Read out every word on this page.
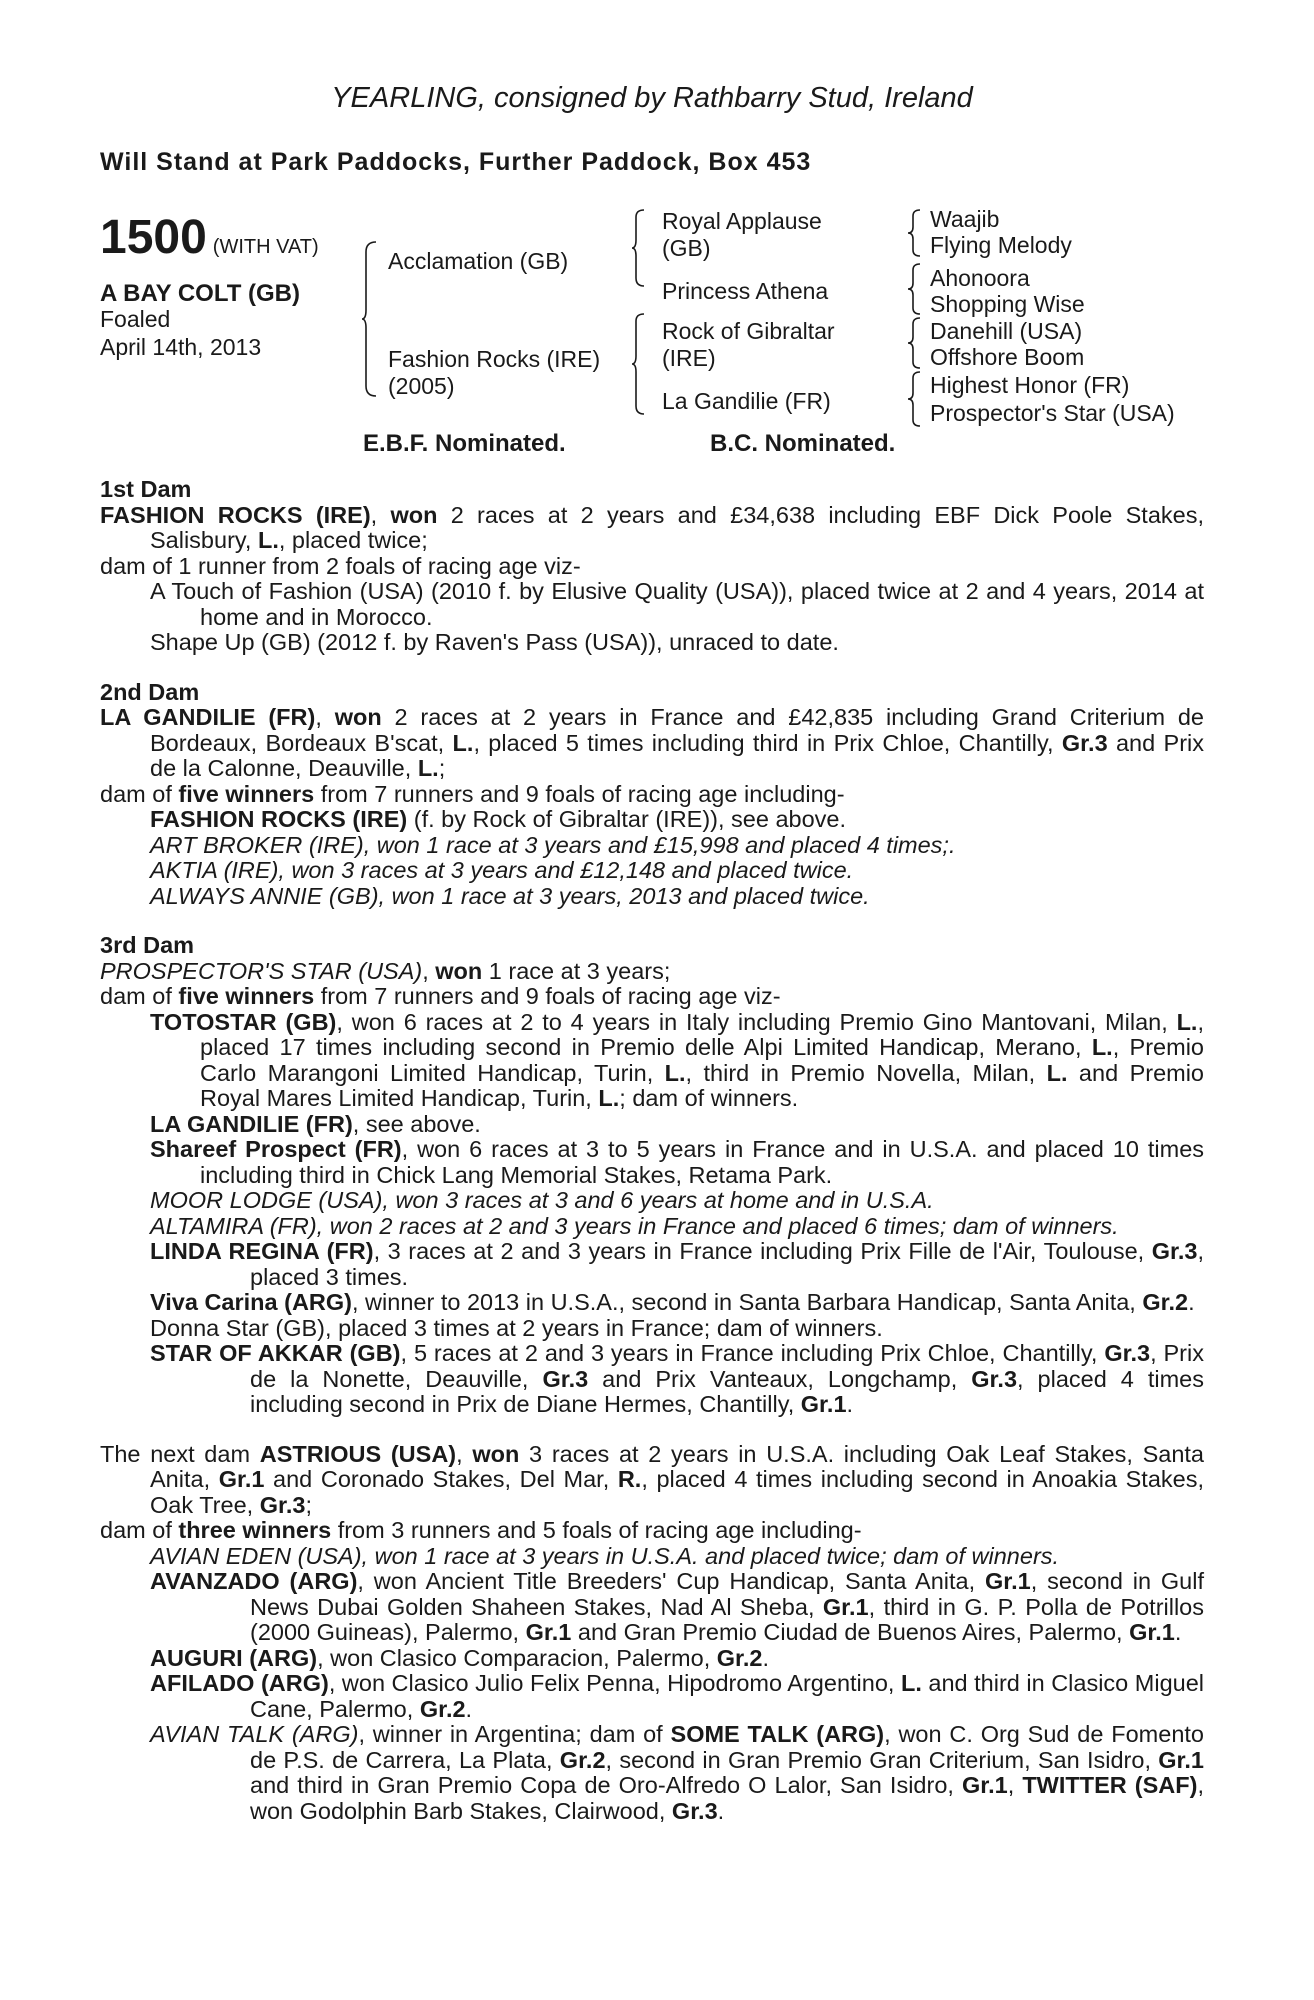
YEARLING, consigned by Rathbarry Stud, Ireland
Will Stand at Park Paddocks, Further Paddock, Box 453
1500 (WITH VAT)
A BAY COLT (GB)
Foaled
April 14th, 2013
Acclamation (GB)
Fashion Rocks (IRE)
(2005)
Royal Applause
(GB)
Princess Athena
Rock of Gibraltar
(IRE)
La Gandilie (FR)
Waajib
Flying Melody
Ahonoora
Shopping Wise
Danehill (USA)
Offshore Boom
Highest Honor (FR)
Prospector's Star (USA)
E.B.F. Nominated.	B.C. Nominated.

1st Dam

FASHION ROCKS (IRE), won 2 races at 2 years and £34,638 including EBF Dick Poole Stakes, Salisbury, L., placed twice;

dam of 1 runner from 2 foals of racing age viz-

A Touch of Fashion (USA) (2010 f. by Elusive Quality (USA)), placed twice at 2 and 4 years, 2014 at home and in Morocco.

Shape Up (GB) (2012 f. by Raven's Pass (USA)), unraced to date.

2nd Dam

LA GANDILIE (FR), won 2 races at 2 years in France and £42,835 including Grand Criterium de Bordeaux, Bordeaux B'scat, L., placed 5 times including third in Prix Chloe, Chantilly, Gr.3 and Prix de la Calonne, Deauville, L.;

dam of five winners from 7 runners and 9 foals of racing age including-

FASHION ROCKS (IRE) (f. by Rock of Gibraltar (IRE)), see above.

ART BROKER (IRE), won 1 race at 3 years and £15,998 and placed 4 times;.

AKTIA (IRE), won 3 races at 3 years and £12,148 and placed twice.

ALWAYS ANNIE (GB), won 1 race at 3 years, 2013 and placed twice.

3rd Dam

PROSPECTOR'S STAR (USA), won 1 race at 3 years;

dam of five winners from 7 runners and 9 foals of racing age viz-

TOTOSTAR (GB), won 6 races at 2 to 4 years in Italy including Premio Gino Mantovani, Milan, L., placed 17 times including second in Premio delle Alpi Limited Handicap, Merano, L., Premio Carlo Marangoni Limited Handicap, Turin, L., third in Premio Novella, Milan, L. and Premio Royal Mares Limited Handicap, Turin, L.; dam of winners.

LA GANDILIE (FR), see above.

Shareef Prospect (FR), won 6 races at 3 to 5 years in France and in U.S.A. and placed 10 times including third in Chick Lang Memorial Stakes, Retama Park.

MOOR LODGE (USA), won 3 races at 3 and 6 years at home and in U.S.A.

ALTAMIRA (FR), won 2 races at 2 and 3 years in France and placed 6 times; dam of winners.

LINDA REGINA (FR), 3 races at 2 and 3 years in France including Prix Fille de l'Air, Toulouse, Gr.3, placed 3 times.

Viva Carina (ARG), winner to 2013 in U.S.A., second in Santa Barbara Handicap, Santa Anita, Gr.2.

Donna Star (GB), placed 3 times at 2 years in France; dam of winners.

STAR OF AKKAR (GB), 5 races at 2 and 3 years in France including Prix Chloe, Chantilly, Gr.3, Prix de la Nonette, Deauville, Gr.3 and Prix Vanteaux, Longchamp, Gr.3, placed 4 times including second in Prix de Diane Hermes, Chantilly, Gr.1.

The next dam ASTRIOUS (USA), won 3 races at 2 years in U.S.A. including Oak Leaf Stakes, Santa Anita, Gr.1 and Coronado Stakes, Del Mar, R., placed 4 times including second in Anoakia Stakes, Oak Tree, Gr.3;

dam of three winners from 3 runners and 5 foals of racing age including-

AVIAN EDEN (USA), won 1 race at 3 years in U.S.A. and placed twice; dam of winners.

AVANZADO (ARG), won Ancient Title Breeders' Cup Handicap, Santa Anita, Gr.1, second in Gulf News Dubai Golden Shaheen Stakes, Nad Al Sheba, Gr.1, third in G. P. Polla de Potrillos (2000 Guineas), Palermo, Gr.1 and Gran Premio Ciudad de Buenos Aires, Palermo, Gr.1.

AUGURI (ARG), won Clasico Comparacion, Palermo, Gr.2.

AFILADO (ARG), won Clasico Julio Felix Penna, Hipodromo Argentino, L. and third in Clasico Miguel Cane, Palermo, Gr.2.

AVIAN TALK (ARG), winner in Argentina; dam of SOME TALK (ARG), won C. Org Sud de Fomento de P.S. de Carrera, La Plata, Gr.2, second in Gran Premio Gran Criterium, San Isidro, Gr.1 and third in Gran Premio Copa de Oro-Alfredo O Lalor, San Isidro, Gr.1, TWITTER (SAF), won Godolphin Barb Stakes, Clairwood, Gr.3.
